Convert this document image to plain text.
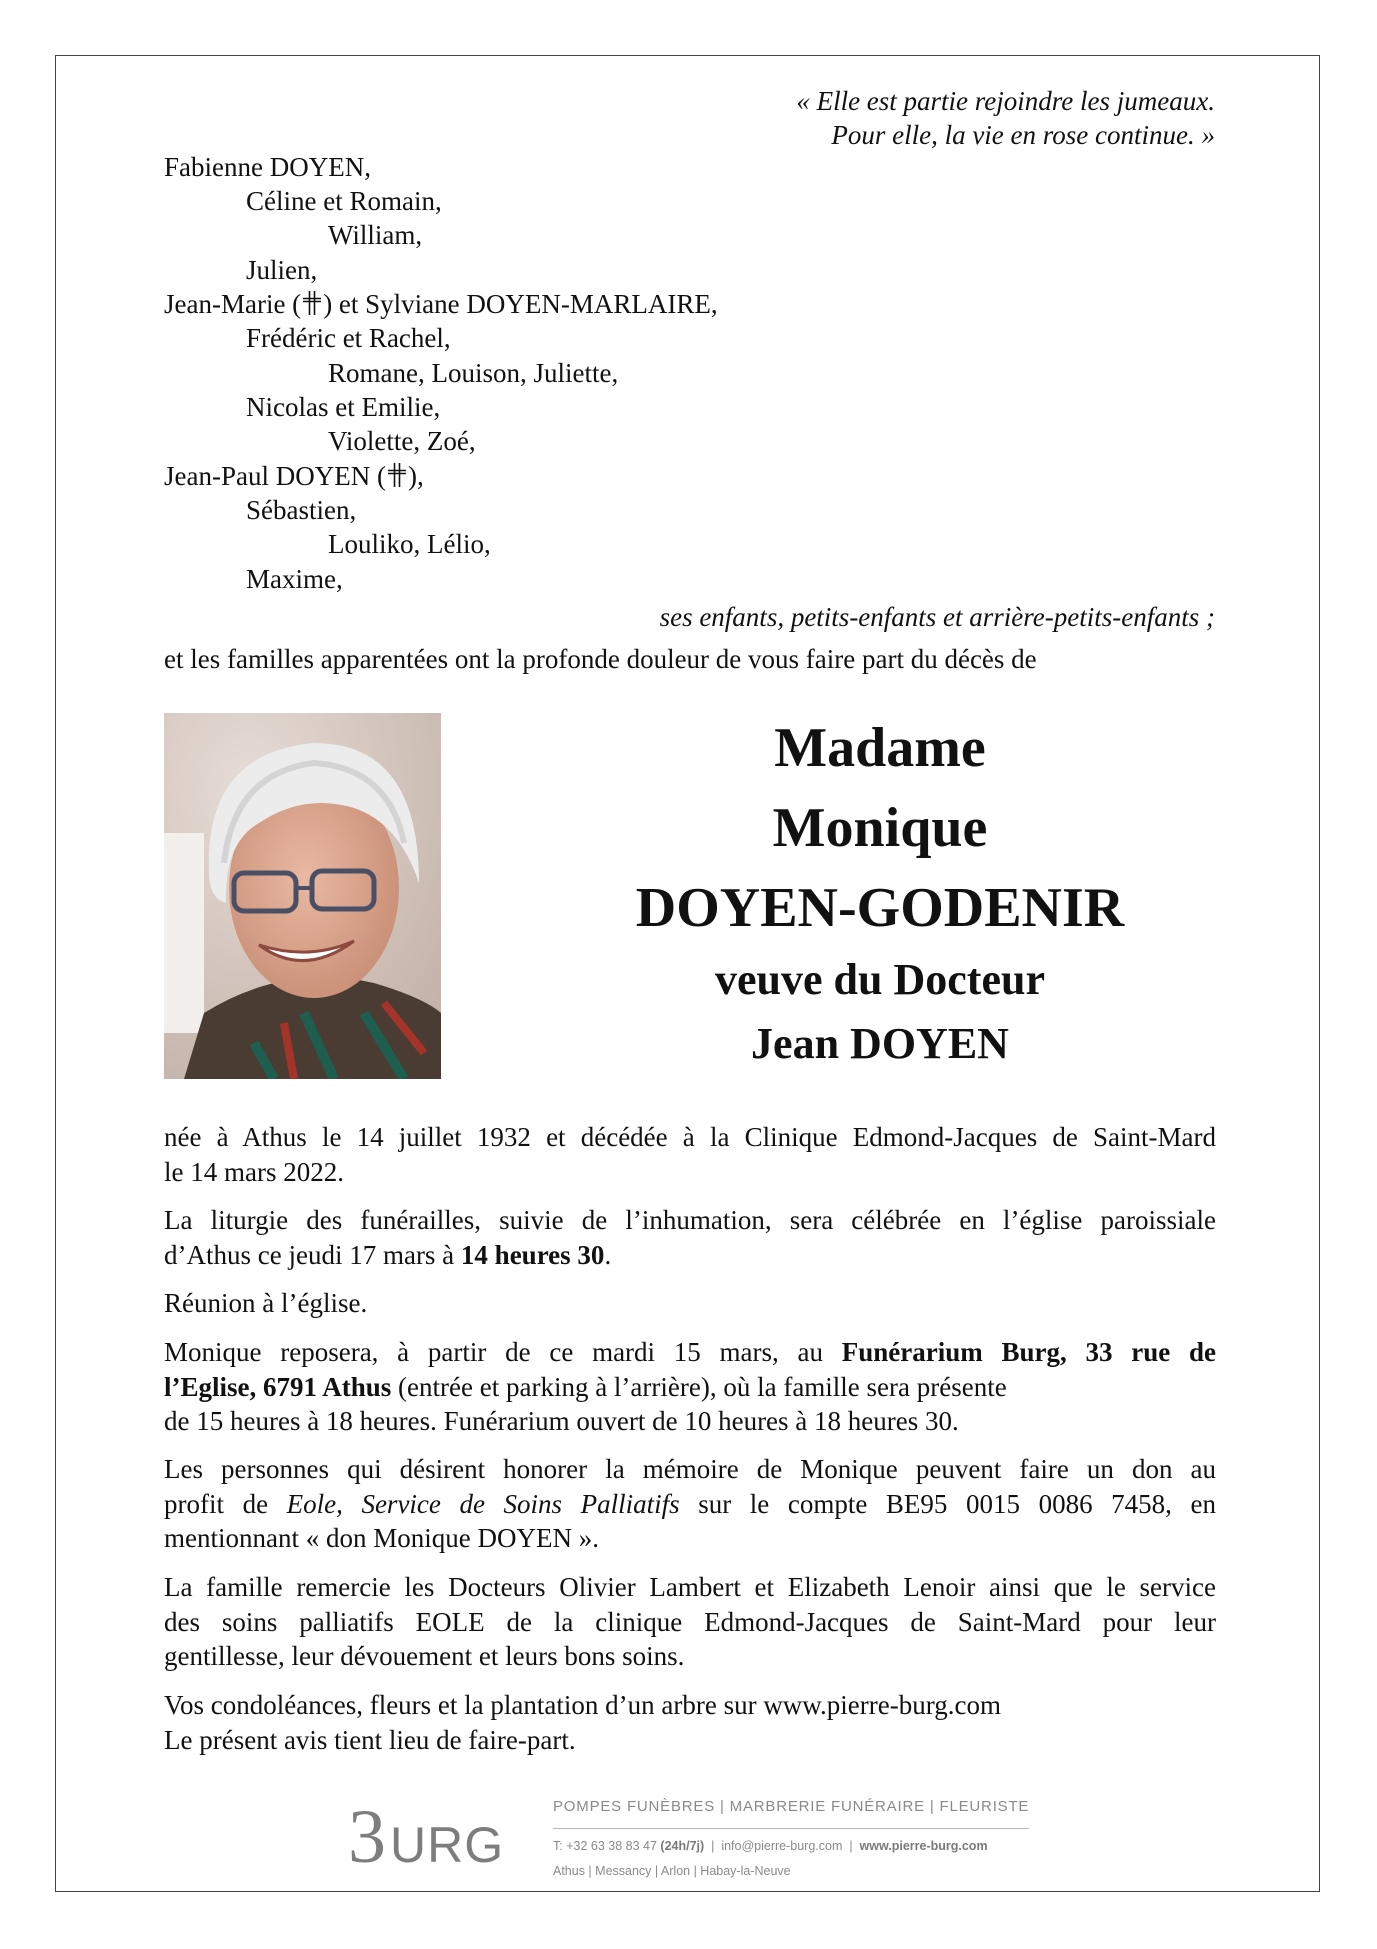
« Elle est partie rejoindre les jumeaux.
Pour elle, la vie en rose continue. »
Fabienne DOYEN,
Céline et Romain,
William,
Julien,
Jean-Marie ( ) et Sylviane DOYEN-MARLAIRE,
Frédéric et Rachel,
Romane, Louison, Juliette,
Nicolas et Emilie,
Violette, Zoé,
Jean-Paul DOYEN ( ),
Sébastien,
Louliko, Lélio,
Maxime,
ses enfants, petits-enfants et arrière-petits-enfants ;
et les familles apparentées ont la profonde douleur de vous faire part du décès de
Madame
Monique
DOYEN-GODENIR
veuve du Docteur
Jean DOYEN
née à Athus le 14 juillet 1932 et décédée à la Clinique Edmond-Jacques de Saint-Mard
le 14 mars 2022.
La liturgie des funérailles, suivie de l’inhumation, sera célébrée en l’église paroissiale
d’Athus ce jeudi 17 mars à 14 heures 30.
Réunion à l’église.
Monique reposera, à partir de ce mardi 15 mars, au Funérarium Burg, 33 rue de
l’Eglise, 6791 Athus (entrée et parking à l’arrière), où la famille sera présente
de 15 heures à 18 heures. Funérarium ouvert de 10 heures à 18 heures 30.
Les personnes qui désirent honorer la mémoire de Monique peuvent faire un don au
profit de Eole, Service de Soins Palliatifs sur le compte BE95 0015 0086 7458, en
mentionnant « don Monique DOYEN ».
La famille remercie les Docteurs Olivier Lambert et Elizabeth Lenoir ainsi que le service
des soins palliatifs EOLE de la clinique Edmond-Jacques de Saint-Mard pour leur
gentillesse, leur dévouement et leurs bons soins.
Vos condoléances, fleurs et la plantation d’un arbre sur www.pierre-burg.com
Le présent avis tient lieu de faire-part.
3 URG
POMPES FUNÈBRES | MARBRERIE FUNÉRAIRE | FLEURISTE
T: +32 63 38 83 47 (24h/7j)  |  info@pierre-burg.com  |  www.pierre-burg.com
Athus | Messancy | Arlon | Habay-la-Neuve
